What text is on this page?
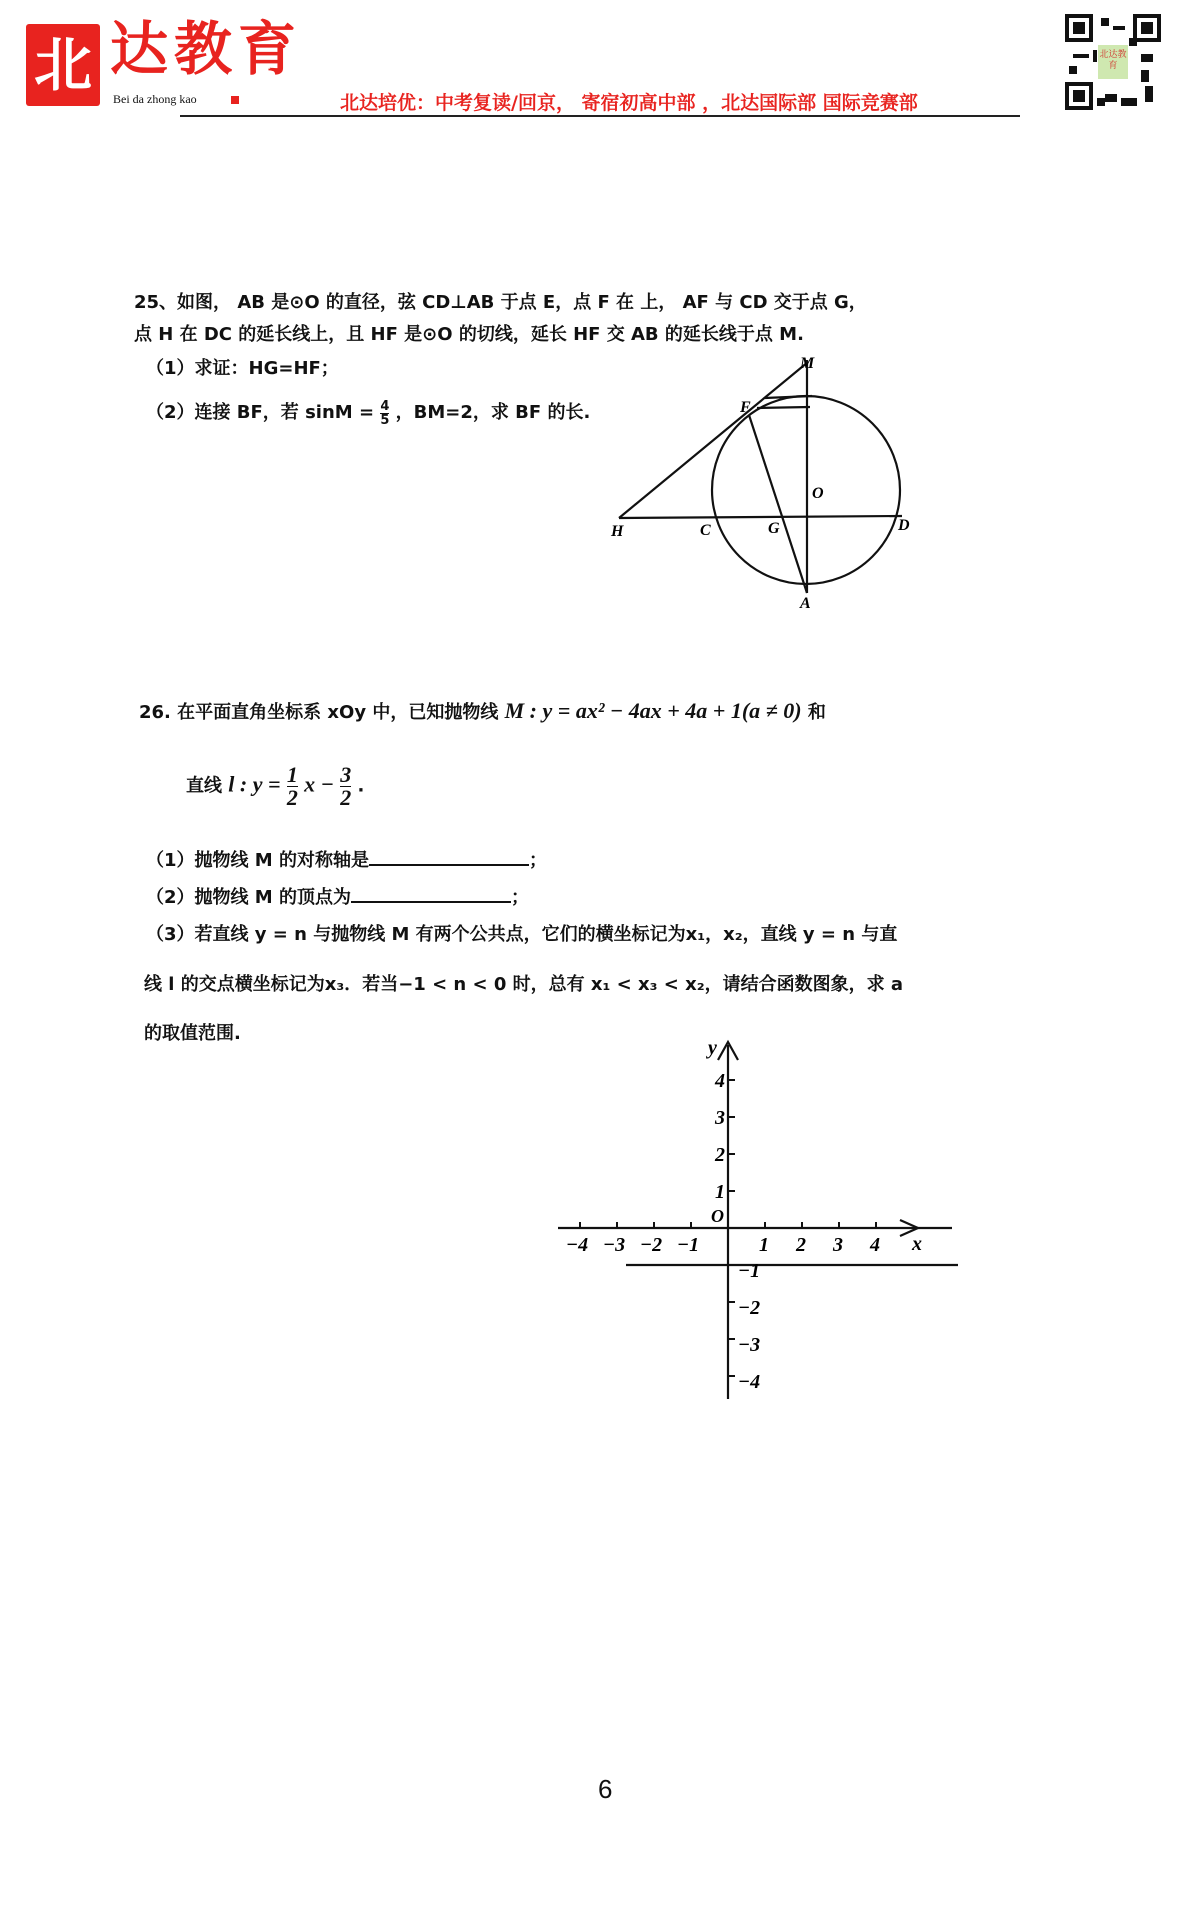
北 达教育
Bei da zhong kao	北达培优：中考复读/回京， 寄宿初高中部 ，北达国际部 国际竞赛部
北达教育
25、如图， AB 是⊙O 的直径，弦 CD⊥AB 于点 E，点 F 在 上， AF 与 CD 交于点 G，
点 H 在 DC 的延长线上，且 HF 是⊙O 的切线，延长 HF 交 AB 的延长线于点 M.
（1）求证：HG=HF；
（2）连接 BF，若 $\sin M = \frac{4}{5}$ ，BM=2，求 BF 的长.
M
F
O
H	C	G	D
A
26. 在平面直角坐标系 xOy 中，已知抛物线 M : y = ax² − 4ax + 4a + 1(a ≠ 0) 和
直线 l : $y = \frac{1}{2}$ $x - \frac{3}{2}$ .
（1）抛物线 M 的对称轴是	；
（2）抛物线 M 的顶点为	；
（3）若直线 y = n 与抛物线 M 有两个公共点，它们的横坐标记为x₁，x₂，直线 y = n 与直
线 l 的交点横坐标记为x₃．若当−1 < n < 0 时，总有 x₁ < x₃ < x₂，请结合函数图象，求 a
的取值范围.
−4 −3 −2 −1	1 2 3 4
4
3
2
1
−1
−2
−3
−4
y
x
O
6
